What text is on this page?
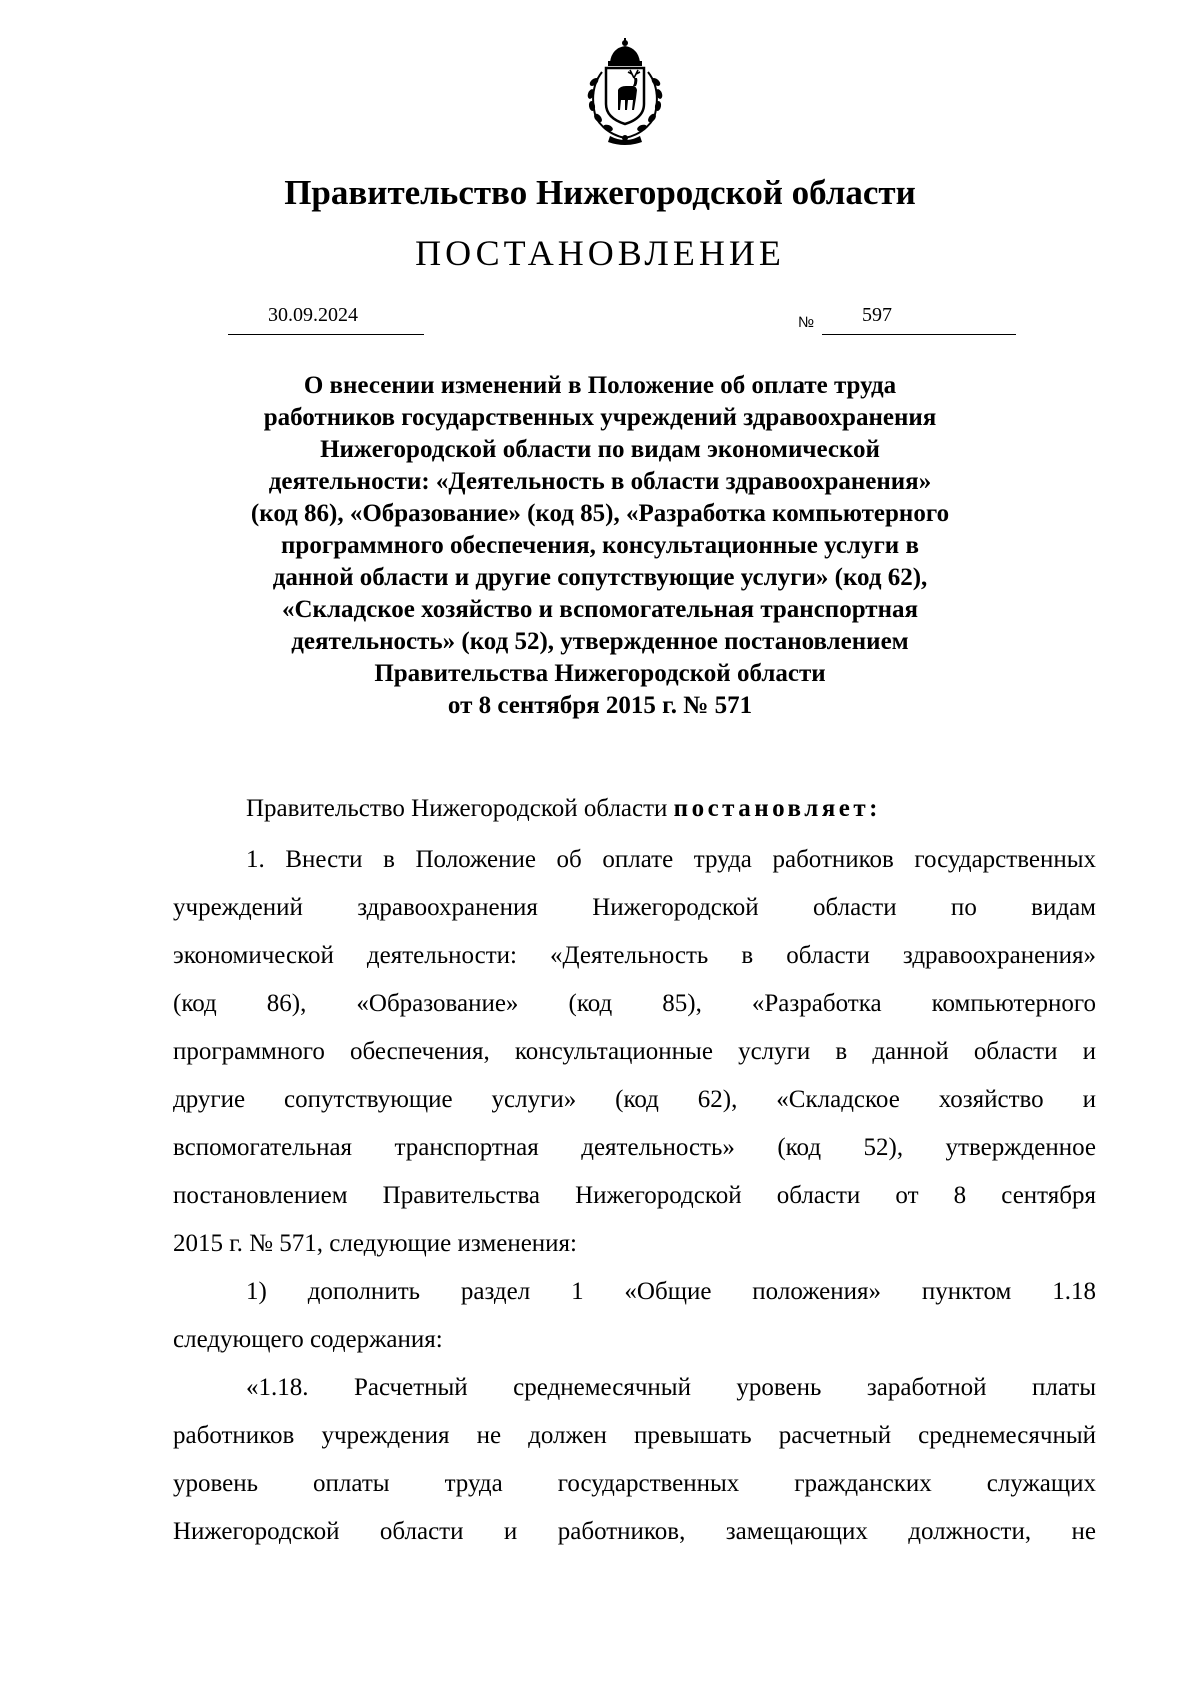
Правительство Нижегородской области
ПОСТАНОВЛЕНИЕ
30.09.2024	№ 597
О внесении изменений в Положение об оплате труда
работников государственных учреждений здравоохранения
Нижегородской области по видам экономической
деятельности: «Деятельность в области здравоохранения»
(код 86), «Образование» (код 85), «Разработка компьютерного
программного обеспечения, консультационные услуги в
данной области и другие сопутствующие услуги» (код 62),
«Складское хозяйство и вспомогательная транспортная
деятельность» (код 52), утвержденное постановлением
Правительства Нижегородской области
от 8 сентября 2015 г. № 571
Правительство Нижегородской области постановляет:
1. Внести в Положение об оплате труда работников государственных
учреждений здравоохранения Нижегородской области по видам
экономической деятельности: «Деятельность в области здравоохранения»
(код 86), «Образование» (код 85), «Разработка компьютерного
программного обеспечения, консультационные услуги в данной области и
другие сопутствующие услуги» (код 62), «Складское хозяйство и
вспомогательная транспортная деятельность» (код 52), утвержденное
постановлением Правительства Нижегородской области от 8 сентября
2015 г. № 571, следующие изменения:
1) дополнить раздел 1 «Общие положения» пунктом 1.18
следующего содержания:
«1.18. Расчетный среднемесячный уровень заработной платы
работников учреждения не должен превышать расчетный среднемесячный
уровень оплаты труда государственных гражданских служащих
Нижегородской области и работников, замещающих должности, не
